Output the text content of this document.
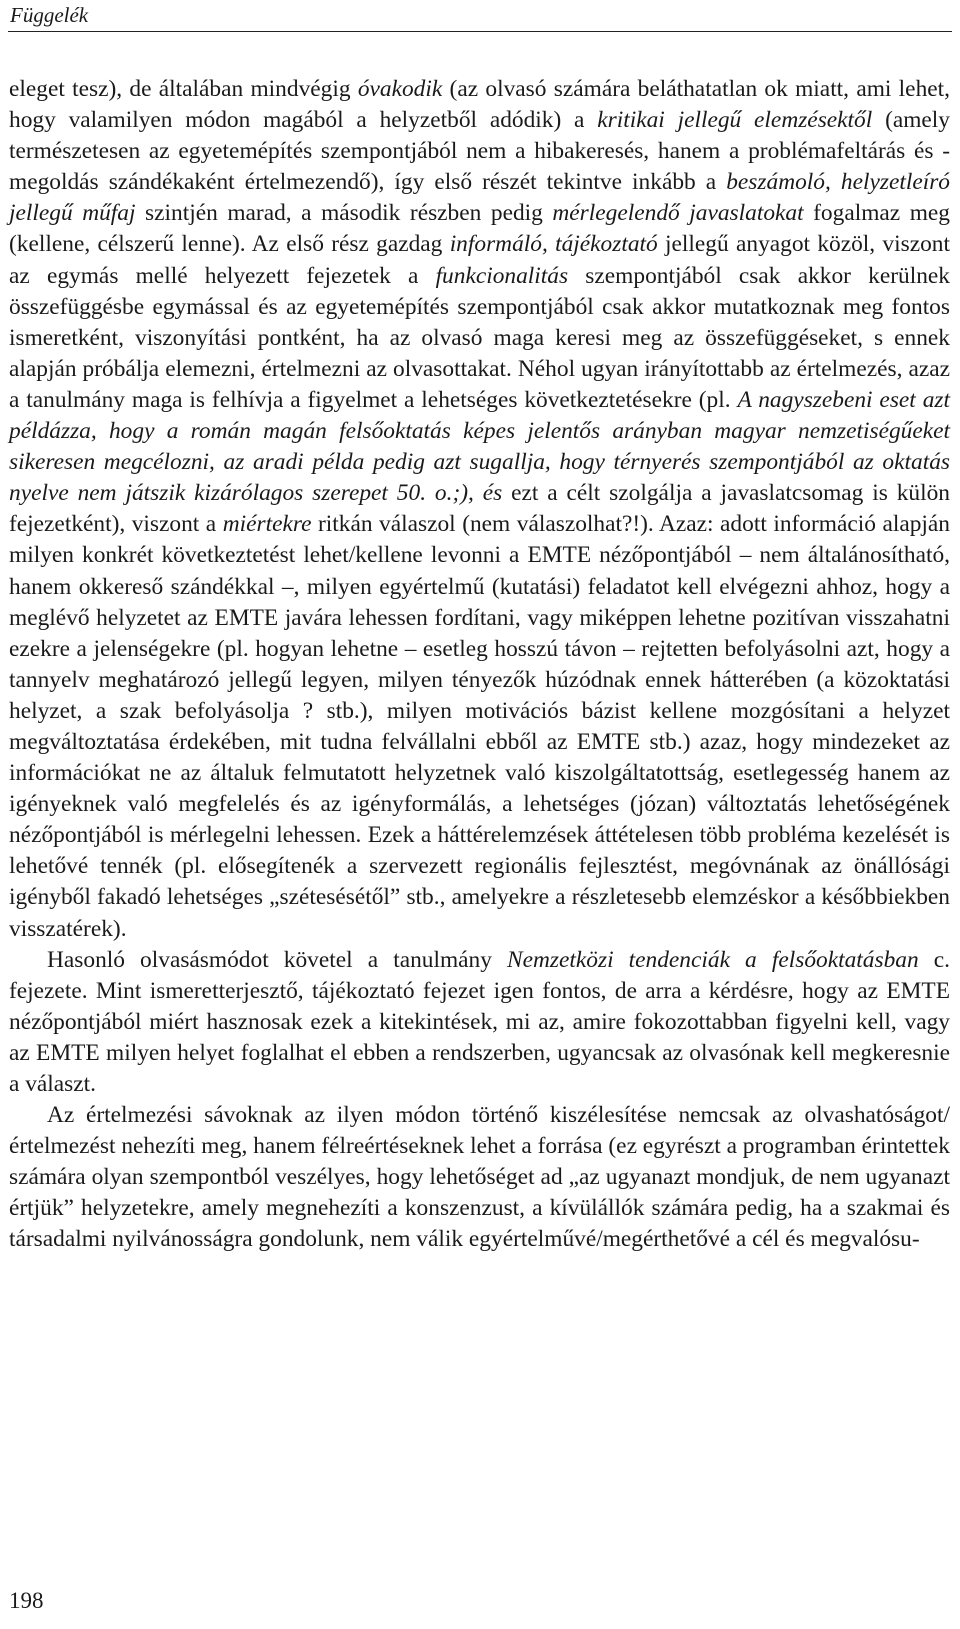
Függelék

eleget tesz), de általában mindvégig óvakodik (az olvasó számára beláthatatlan ok miatt, ami lehet, hogy valamilyen módon magából a helyzetből adódik) a kritikai jellegű elemzésektől (amely természetesen az egyetemépítés szempontjából nem a hibakeresés, hanem a problémafeltárás és -megoldás szándékaként értelmezendő), így első részét tekintve inkább a beszámoló, helyzetleíró jellegű műfaj szintjén marad, a második részben pedig mérlegelendő javaslatokat fogalmaz meg (kellene, célszerű lenne). Az első rész gazdag informáló, tájékoztató jellegű anyagot közöl, viszont az egymás mellé helyezett fejezetek a funkcionalitás szempontjából csak akkor kerülnek összefüggésbe egymással és az egyetemépítés szempontjából csak akkor mutatkoznak meg fontos ismeretként, viszonyítási pontként, ha az olvasó maga keresi meg az összefüggéseket, s ennek alapján próbálja elemezni, értelmezni az olvasottakat. Néhol ugyan irányítottabb az értelmezés, azaz a tanulmány maga is felhívja a figyelmet a lehetséges következtetésekre (pl. A nagyszebeni eset azt példázza, hogy a román magán felsőoktatás képes jelentős arányban magyar nemzetiségűeket sikeresen megcélozni, az aradi példa pedig azt sugallja, hogy térnyerés szempontjából az oktatás nyelve nem játszik kizárólagos szerepet 50. o.;), és ezt a célt szolgálja a javaslatcsomag is külön fejezetként), viszont a miértekre ritkán válaszol (nem válaszolhat?!). Azaz: adott információ alapján milyen konkrét következtetést lehet/kellene levonni a EMTE nézőpontjából – nem általánosítható, hanem okkereső szándékkal –, milyen egyértelmű (kutatási) feladatot kell elvégezni ahhoz, hogy a meglévő helyzetet az EMTE javára lehessen fordítani, vagy miképpen lehetne pozitívan visszahatni ezekre a jelenségekre (pl. hogyan lehetne – esetleg hosszú távon – rejtetten befolyásolni azt, hogy a tannyelv meghatározó jellegű legyen, milyen tényezők húzódnak ennek hátterében (a közoktatási helyzet, a szak befolyásolja ? stb.), milyen motivációs bázist kellene mozgósítani a helyzet megváltoztatása érdekében, mit tudna felvállalni ebből az EMTE stb.) azaz, hogy mindezeket az információkat ne az általuk felmutatott helyzetnek való kiszolgáltatottság, esetlegesség hanem az igényeknek való megfelelés és az igényformálás, a lehetséges (józan) változtatás lehetőségének nézőpontjából is mérlegelni lehessen. Ezek a háttérelemzések áttételesen több probléma kezelését is lehetővé tennék (pl. elősegítenék a szervezett regionális fejlesztést, megóvnának az önállósági igényből fakadó lehetséges „szétesésétől” stb., amelyekre a részletesebb elemzéskor a későbbiekben visszatérek).

Hasonló olvasásmódot követel a tanulmány Nemzetközi tendenciák a felsőoktatásban c. fejezete. Mint ismeretterjesztő, tájékoztató fejezet igen fontos, de arra a kérdésre, hogy az EMTE nézőpontjából miért hasznosak ezek a kitekintések, mi az, amire fokozottabban figyelni kell, vagy az EMTE milyen helyet foglalhat el ebben a rendszerben, ugyancsak az olvasónak kell megkeresnie a választ.

Az értelmezési sávoknak az ilyen módon történő kiszélesítése nemcsak az olvashatóságot/értelmezést nehezíti meg, hanem félreértéseknek lehet a forrása (ez egyrészt a programban érintettek számára olyan szempontból veszélyes, hogy lehetőséget ad „az ugyanazt mondjuk, de nem ugyanazt értjük” helyzetekre, amely megnehezíti a konszenzust, a kívülállók számára pedig, ha a szakmai és társadalmi nyilvánosságra gondolunk, nem válik egyértelművé/megérthetővé a cél és megvalósu-

198
